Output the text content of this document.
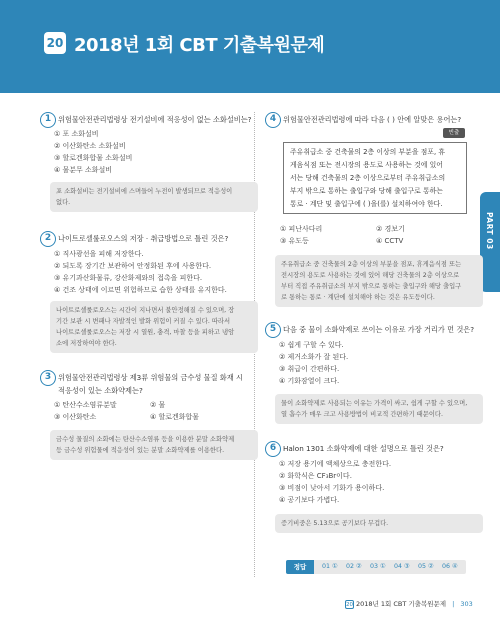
20 2018년 1회 CBT 기출복원문제
PART 03
1 위험물안전관리법령상 전기설비에 적응성이 없는 소화설비는?
① 포 소화설비
② 이산화탄소 소화설비
③ 할로겐화합물 소화설비
④ 물분무 소화설비
포 소화설비는 전기설비에 스며들어 누전이 발생되므로 적응성이
없다.
2 나이트로셀룰로오스의 저장 · 취급방법으로 틀린 것은?
① 직사광선을 피해 저장한다.
② 되도록 장기간 보관하여 안정화된 후에 사용한다.
③ 유기과산화물류, 강산화제와의 접촉을 피한다.
④ 건조 상태에 이르면 위험하므로 습한 상태를 유지한다.
나이트로셀룰로오스는 시간이 지나면서 불안정해질 수 있으며, 장
기간 보관 시 변패나 자발적인 발화 위험이 커질 수 있다. 따라서
나이트로셀룰로오스는 저장 시 열원, 충격, 마찰 등을 피하고 냉암
소에 저장하여야 한다.
3 위험물안전관리법령상 제3류 위험물의 금수성 물질 화재 시
적응성이 있는 소화약제는?
① 탄산수소염류분말	② 물
③ 이산화탄소	④ 할로겐화합물
금수성 물질의 소화에는 탄산수소염류 등을 이용한 분말 소화약제
등 금수성 위험물에 적응성이 있는 분말 소화약제를 이용한다.
4 위험물안전관리법령에 따라 다음 ( ) 안에 알맞은 용어는?
빈출
주유취급소 중 건축물의 2층 이상의 부분을 점포, 휴
게음식점 또는 전시장의 용도로 사용하는 것에 있어
서는 당해 건축물의 2층 이상으로부터 주유취급소의
부지 밖으로 통하는 출입구와 당해 출입구로 통하는
통로 · 계단 및 출입구에 ( )을(를) 설치하여야 한다.
① 피난사다리	② 경보기
③ 유도등	④ CCTV
주유취급소 중 건축물의 2층 이상의 부분을 점포, 휴게음식점 또는
전시장의 용도로 사용하는 것에 있어 해당 건축물의 2층 이상으로
부터 직접 주유취급소의 부지 밖으로 통하는 출입구와 해당 출입구
로 통하는 통로 · 계단에 설치해야 하는 것은 유도등이다.
5 다음 중 물이 소화약제로 쓰이는 이유로 가장 거리가 먼 것은?
① 쉽게 구할 수 있다.
② 제거소화가 잘 된다.
③ 취급이 간편하다.
④ 기화잠열이 크다.
물이 소화약제로 사용되는 이유는 가격이 싸고, 쉽게 구할 수 있으며,
열 흡수가 매우 크고 사용방법이 비교적 간편하기 때문이다.
6 Halon 1301 소화약제에 대한 설명으로 틀린 것은?
① 저장 용기에 액체상으로 충전한다.
② 화학식은 CF₃Br이다.
③ 비점이 낮아서 기화가 용이하다.
④ 공기보다 가볍다.
증기비중은 5.13으로 공기보다 무겁다.
정답	01 ① 02 ② 03 ① 04 ③ 05 ② 06 ④
20 2018년 1회 CBT 기출복원문제 | 303
